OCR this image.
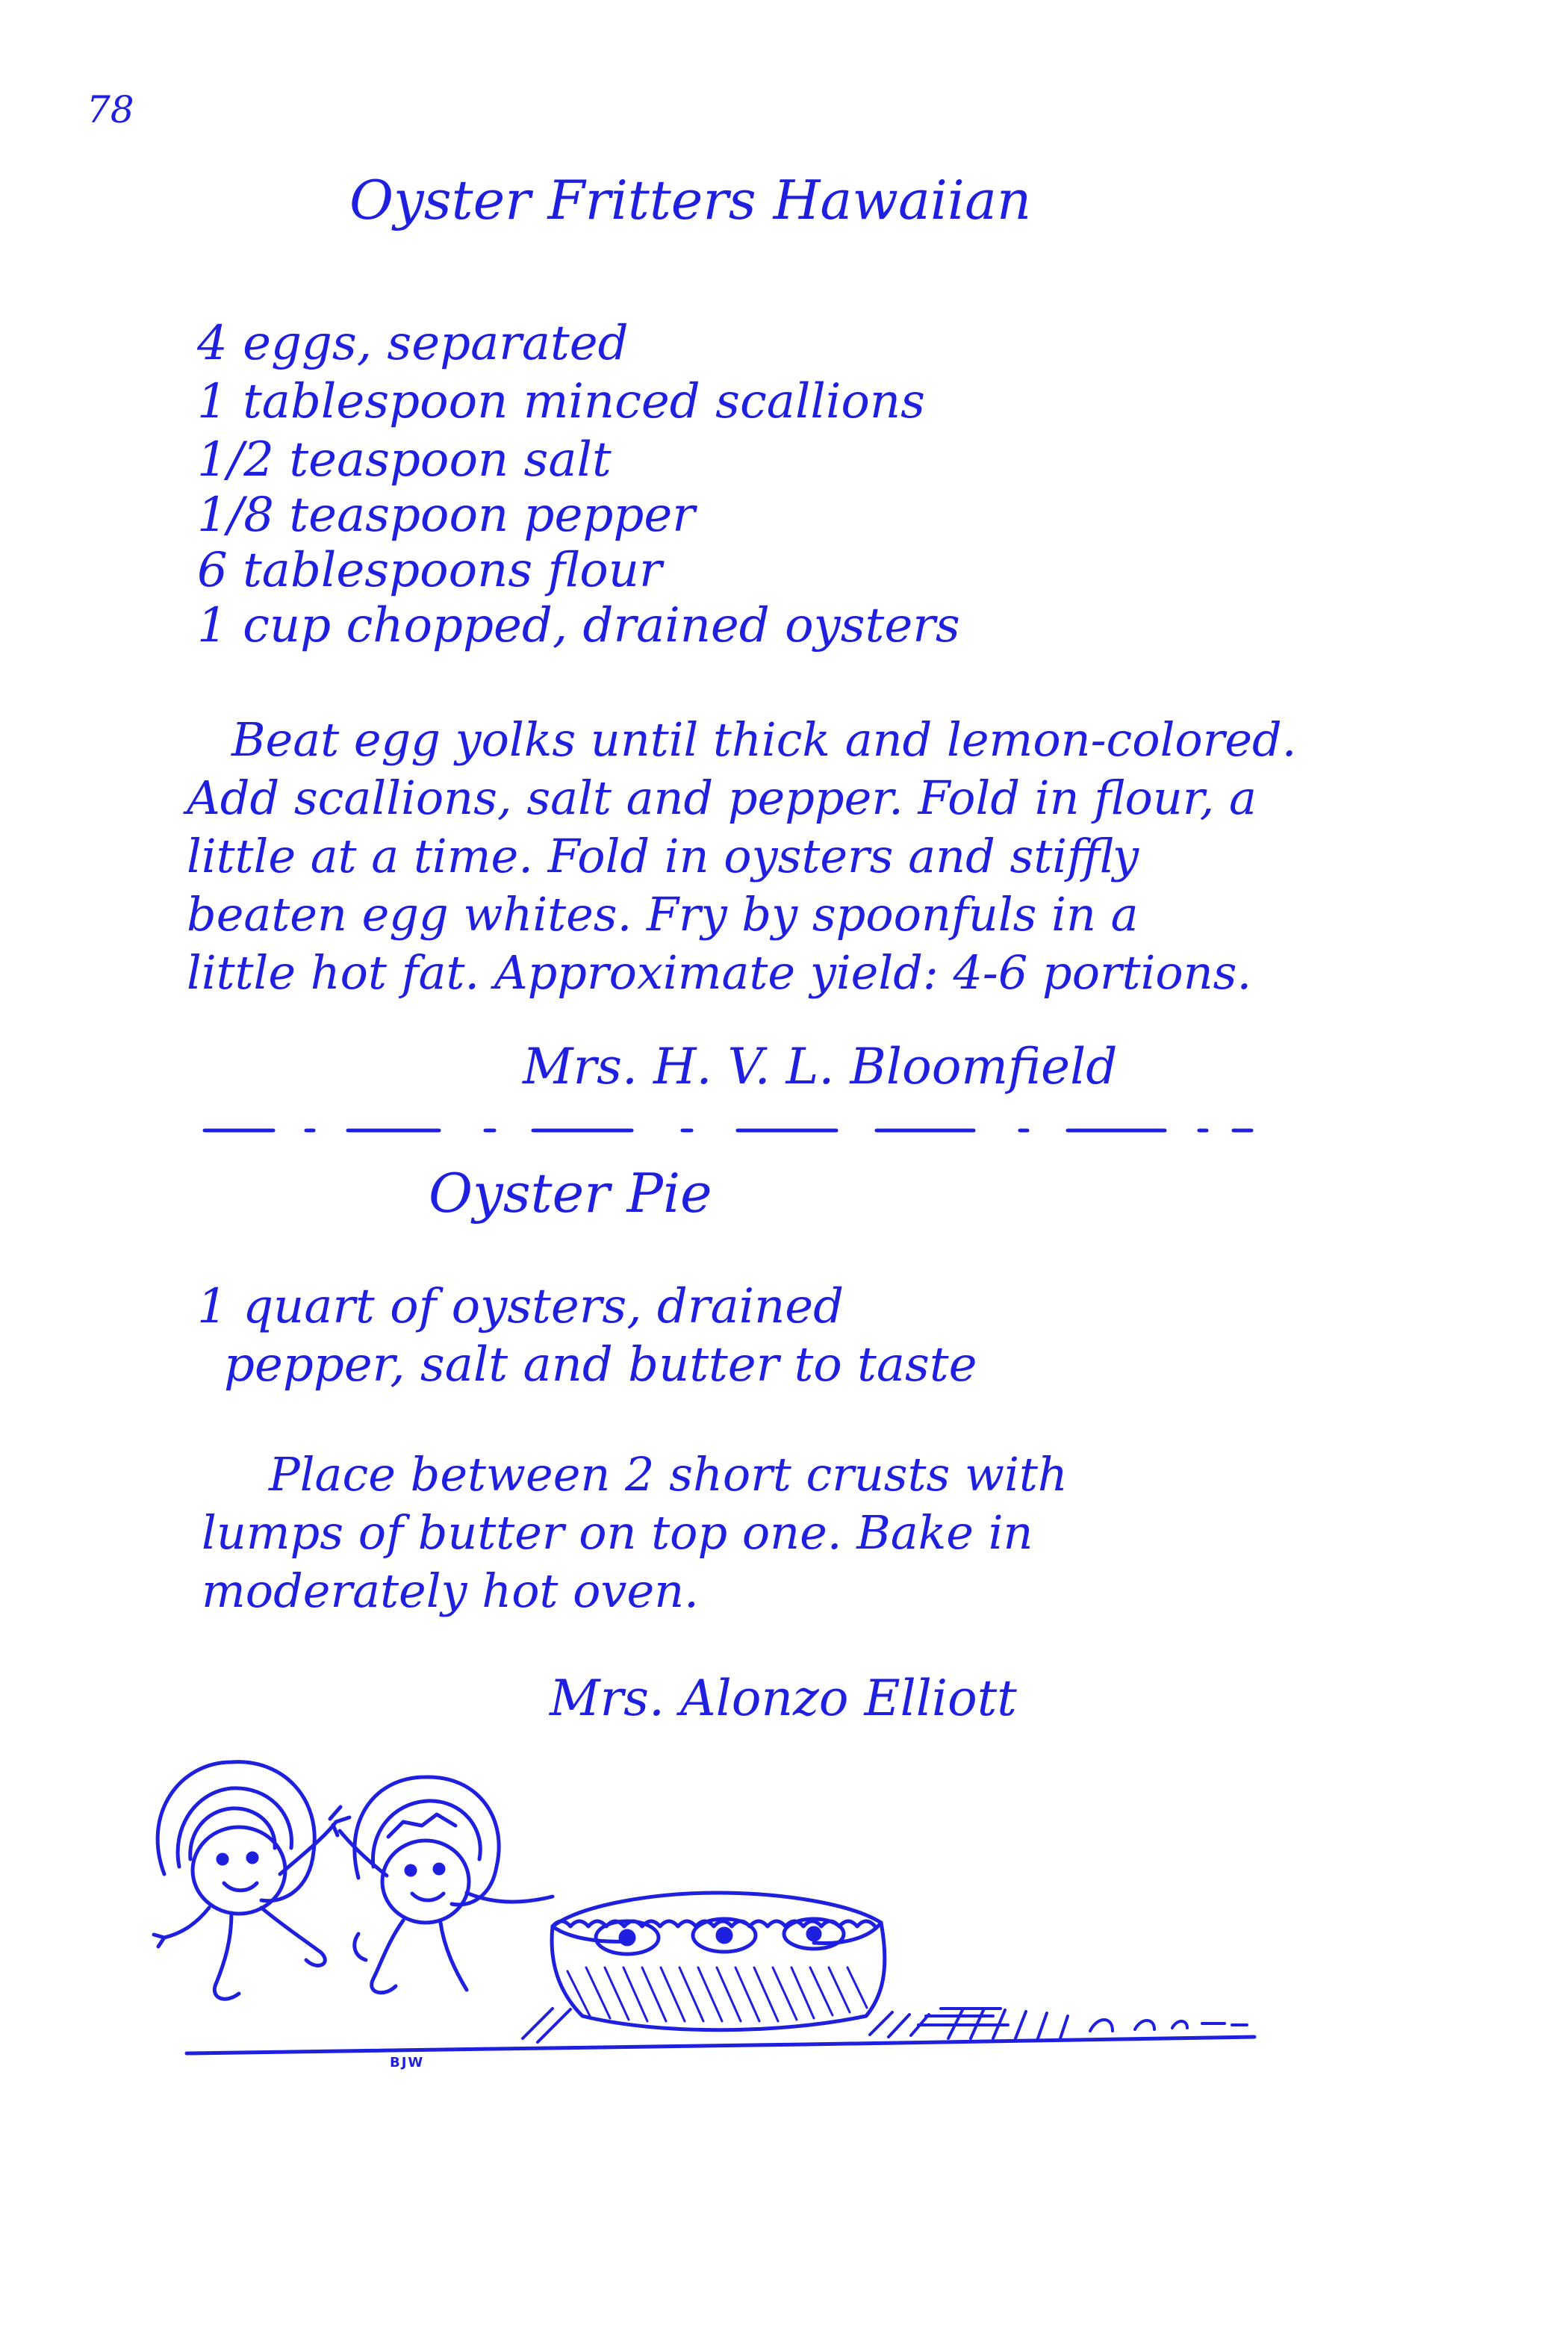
78
Oyster Fritters Hawaiian
4 eggs, separated
1 tablespoon minced scallions
1/2 teaspoon salt
1/8 teaspoon pepper
6 tablespoons flour
1 cup chopped, drained oysters
Beat egg yolks until thick and lemon-colored.
Add scallions, salt and pepper. Fold in flour, a
little at a time. Fold in oysters and stiffly
beaten egg whites. Fry by spoonfuls in a
little hot fat. Approximate yield: 4-6 portions.
Mrs. H. V. L. Bloomfield
Oyster Pie
1 quart of oysters, drained
pepper, salt and butter to taste
Place between 2 short crusts with
lumps of butter on top one. Bake in
moderately hot oven.
Mrs. Alonzo Elliott
BJW
